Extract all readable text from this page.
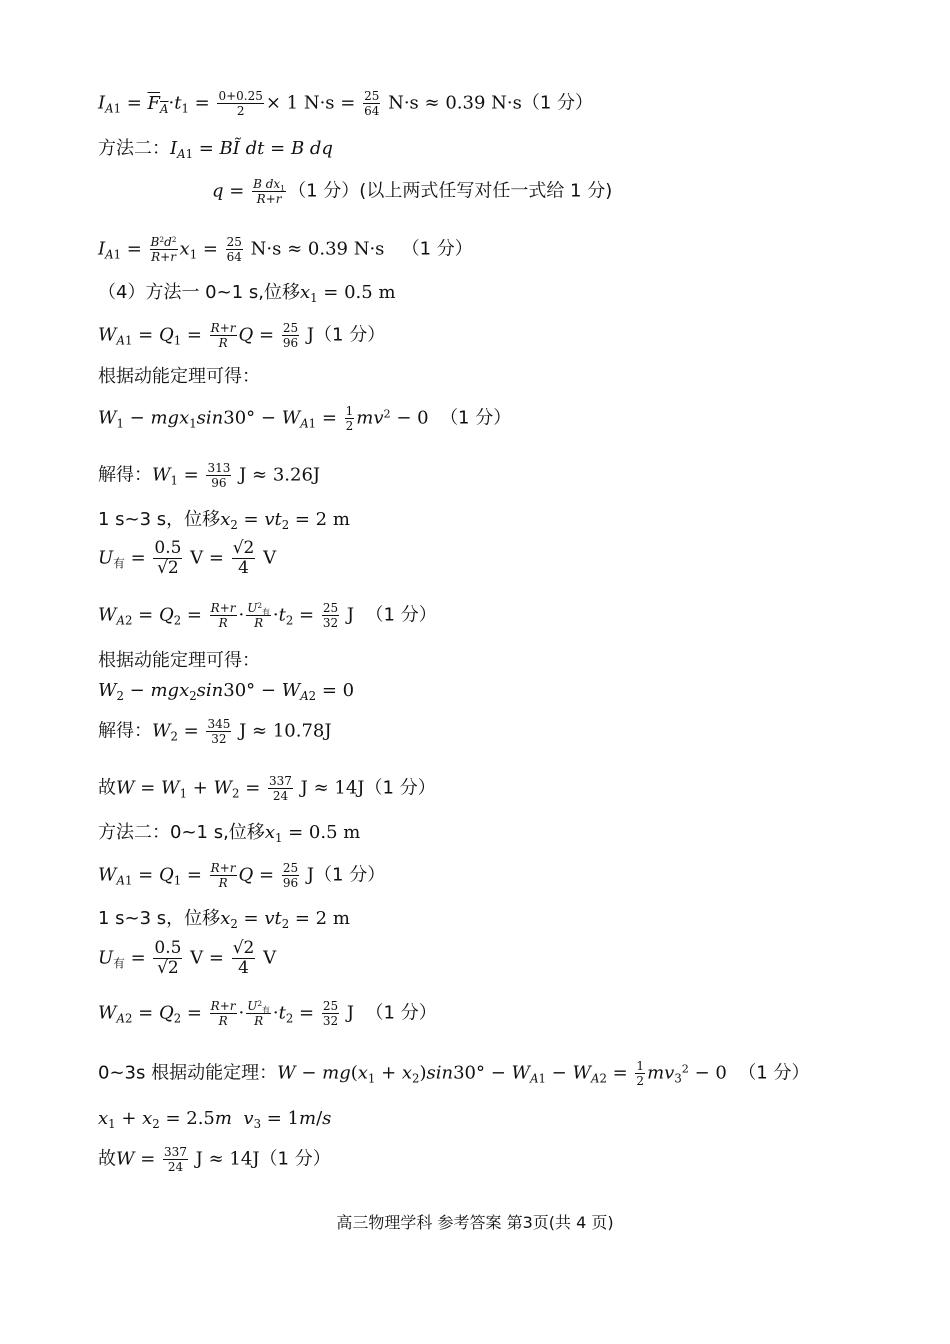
$I_{A1} = F_A\cdot t_1 = \frac{0+0.25}{2} \times 1$ $N\cdot s = \frac{25}{64} N\cdot s \approx 0.39$ N·s（1 分）
方法二：$I_{A1}$ = BĨ dt = B dq
$q = \frac{B dx_1}{R+r} (1$ 分）(以上两式任写对任一式给 1 分)
$I_{A1} = \frac{B^2d^2}{R+r} x_1 = \frac{25}{64} N\cdot s \approx 0.39$ N·s   （1 分）
（4）方法一 0~1 s,位移$x_1 = 0.5$ m
$W_{A1} = Q_1 = \frac{R+r}{R}$ $Q = \frac{25}{96} J(1$ 分）
根据动能定理可得：
$W_1 - mgx_1\sin 30^\circ - W_{A1} = \frac{1}{2} mv^2 - 0$  （1 分）
解得：$W_1 = \frac{313}{96}$ J ≈ 3.26J
1 s~3 s，位移$x_2 = vt_2 = 2$ m
$U_有 = \frac{0.5}{√2}$ $V = \frac{√2}{4}$ V
$W_{A2} = Q_2 = \frac{R+r}{R} \cdot U^2_有$
$R \cdot t_2 = \frac{25}{32}$ J  （1 分）
根据动能定理可得：
$W_2 - mgx_2\sin 30^\circ - W_{A2} = 0$
解得：$W_2 = \frac{345}{32}$ J ≈ 10.78J
故$W = W_1 + W_2 = \frac{337}{24}$ J ≈ 14J（1 分）
方法二：0~1 s,位移$x_1 = 0.5$ m
$W_{A1} = Q_1 = \frac{R+r}{R}$ $Q = \frac{25}{96} J(1$ 分）
1 s~3 s，位移$x_2 = vt_2 = 2$ m
$U_有 = \frac{0.5}{√2}$ $V = \frac{√2}{4}$ V
$W_{A2} = Q_2 = \frac{R+r}{R} \cdot U^2_有$
$R \cdot t_2 = \frac{25}{32}$ J  （1 分）
0~3s 根据动能定理：$W - mg(x_1 + x_2)\sin 30^\circ - W_{A1} - W_{A2} = \frac{1}{2} mv_3^2 - 0$  （1 分）
$x_1 + x_2 = 2.5m$ $v_3 = 1m/s$
故$W = \frac{337}{24}$ J ≈ 14J（1 分）
高三物理学科 参考答案 第3页(共 4 页)
